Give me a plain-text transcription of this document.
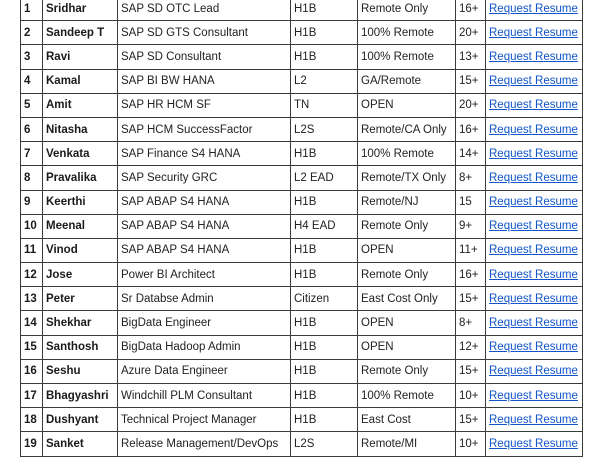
1	Sridhar	SAP SD OTC Lead	H1B	Remote Only	16+	Request Resume
2	Sandeep T	SAP SD GTS Consultant	H1B	100% Remote	20+	Request Resume
3	Ravi	SAP SD Consultant	H1B	100% Remote	13+	Request Resume
4	Kamal	SAP BI BW HANA	L2	GA/Remote	15+	Request Resume
5	Amit	SAP HR HCM SF	TN	OPEN	20+	Request Resume
6	Nitasha	SAP HCM SuccessFactor	L2S	Remote/CA Only	16+	Request Resume
7	Venkata	SAP Finance S4 HANA	H1B	100% Remote	14+	Request Resume
8	Pravalika	SAP Security GRC	L2 EAD	Remote/TX Only	8+	Request Resume
9	Keerthi	SAP ABAP S4 HANA	H1B	Remote/NJ	15	Request Resume
10	Meenal	SAP ABAP S4 HANA	H4 EAD	Remote Only	9+	Request Resume
11	Vinod	SAP ABAP S4 HANA	H1B	OPEN	11+	Request Resume
12	Jose	Power BI Architect	H1B	Remote Only	16+	Request Resume
13	Peter	Sr Databse Admin	Citizen	East Cost Only	15+	Request Resume
14	Shekhar	BigData Engineer	H1B	OPEN	8+	Request Resume
15	Santhosh	BigData Hadoop Admin	H1B	OPEN	12+	Request Resume
16	Seshu	Azure Data Engineer	H1B	Remote Only	15+	Request Resume
17	Bhagyashri	Windchill PLM Consultant	H1B	100% Remote	10+	Request Resume
18	Dushyant	Technical Project Manager	H1B	East Cost	15+	Request Resume
19	Sanket	Release Management/DevOps	L2S	Remote/MI	10+	Request Resume
